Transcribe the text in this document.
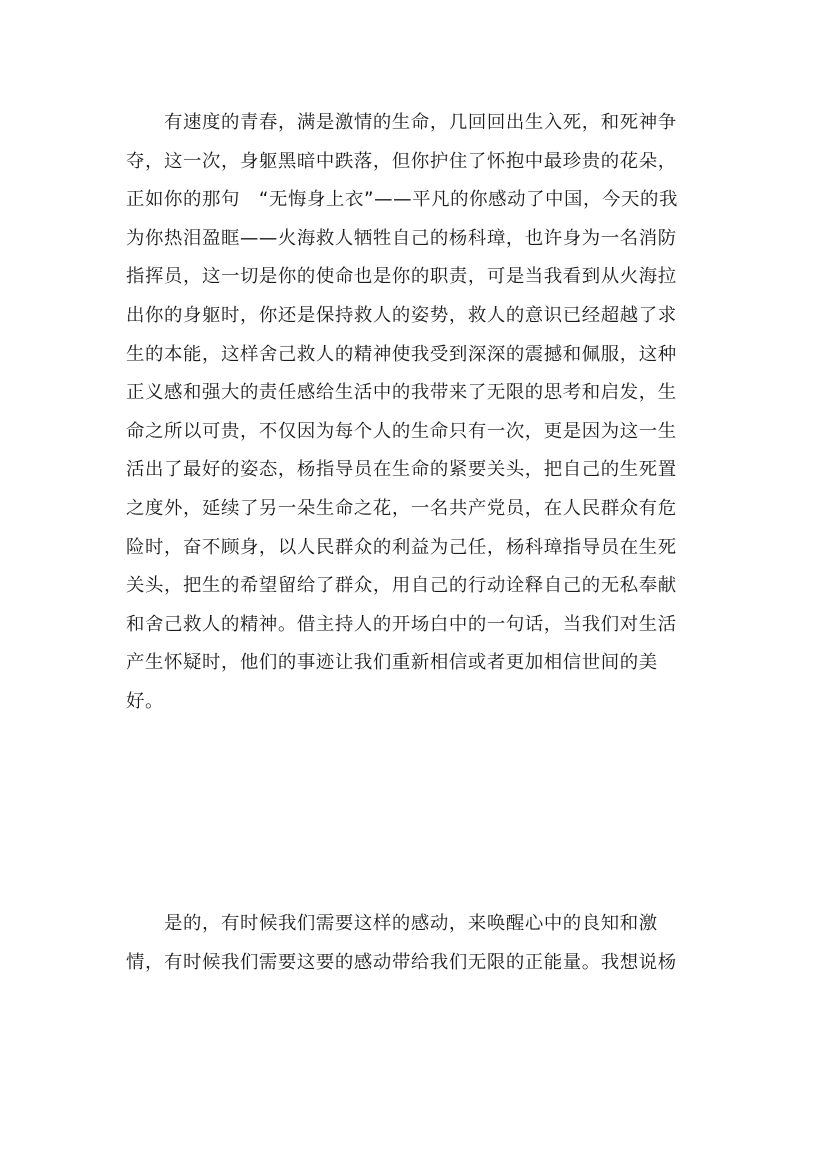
有速度的青春，满是激情的生命，几回回出生入死，和死神争
夺，这一次，身躯黑暗中跌落，但你护住了怀抱中最珍贵的花朵，
正如你的那句　“无悔身上衣”——平凡的你感动了中国，今天的我
为你热泪盈眶——火海救人牺牲自己的杨科璋，也许身为一名消防
指挥员，这一切是你的使命也是你的职责，可是当我看到从火海拉
出你的身躯时，你还是保持救人的姿势，救人的意识已经超越了求
生的本能，这样舍己救人的精神使我受到深深的震撼和佩服，这种
正义感和强大的责任感给生活中的我带来了无限的思考和启发，生
命之所以可贵，不仅因为每个人的生命只有一次，更是因为这一生
活出了最好的姿态，杨指导员在生命的紧要关头，把自己的生死置
之度外，延续了另一朵生命之花，一名共产党员，在人民群众有危
险时，奋不顾身，以人民群众的利益为己任，杨科璋指导员在生死
关头，把生的希望留给了群众，用自己的行动诠释自己的无私奉献
和舍己救人的精神。借主持人的开场白中的一句话，当我们对生活
产生怀疑时，他们的事迹让我们重新相信或者更加相信世间的美
好。
是的，有时候我们需要这样的感动，来唤醒心中的良知和激
情，有时候我们需要这要的感动带给我们无限的正能量。我想说杨
